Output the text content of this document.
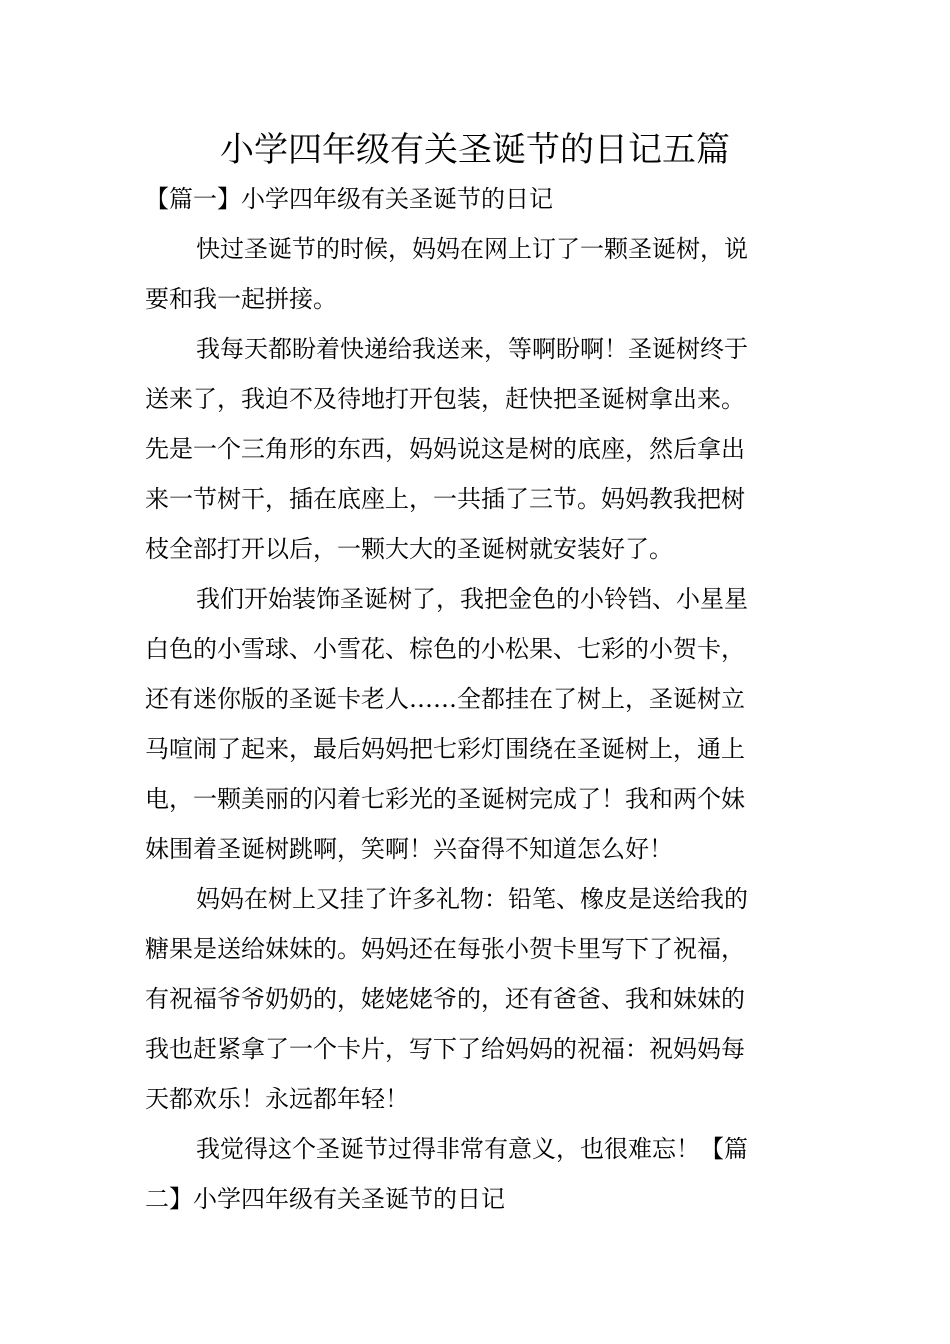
小学四年级有关圣诞节的日记五篇
【篇一】小学四年级有关圣诞节的日记
快过圣诞节的时候，妈妈在网上订了一颗圣诞树，说
要和我一起拼接。
我每天都盼着快递给我送来，等啊盼啊！圣诞树终于
送来了，我迫不及待地打开包装，赶快把圣诞树拿出来。
先是一个三角形的东西，妈妈说这是树的底座，然后拿出
来一节树干，插在底座上，一共插了三节。妈妈教我把树
枝全部打开以后，一颗大大的圣诞树就安装好了。
我们开始装饰圣诞树了，我把金色的小铃铛、小星星
白色的小雪球、小雪花、棕色的小松果、七彩的小贺卡，
还有迷你版的圣诞卡老人……全都挂在了树上，圣诞树立
马喧闹了起来，最后妈妈把七彩灯围绕在圣诞树上，通上
电，一颗美丽的闪着七彩光的圣诞树完成了！我和两个妹
妹围着圣诞树跳啊，笑啊！兴奋得不知道怎么好！
妈妈在树上又挂了许多礼物：铅笔、橡皮是送给我的
糖果是送给妹妹的。妈妈还在每张小贺卡里写下了祝福，
有祝福爷爷奶奶的，姥姥姥爷的，还有爸爸、我和妹妹的
我也赶紧拿了一个卡片，写下了给妈妈的祝福：祝妈妈每
天都欢乐！永远都年轻！
我觉得这个圣诞节过得非常有意义，也很难忘！【篇
二】小学四年级有关圣诞节的日记
